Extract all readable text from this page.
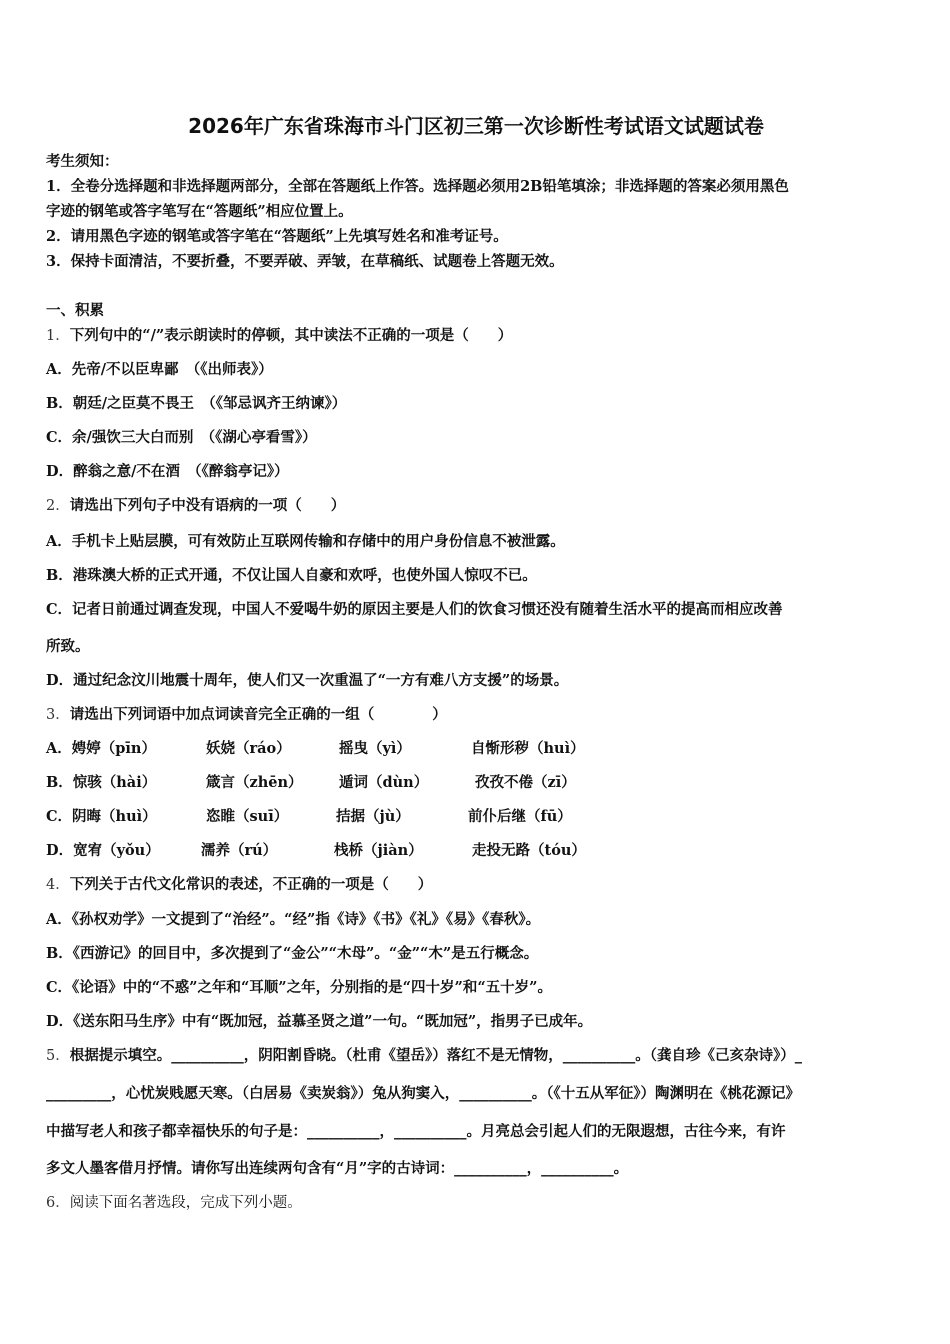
2026年广东省珠海市斗门区初三第一次诊断性考试语文试题试卷
考生须知：
1．全卷分选择题和非选择题两部分，全部在答题纸上作答。选择题必须用2B铅笔填涂；非选择题的答案必须用黑色
字迹的钢笔或答字笔写在“答题纸”相应位置上。
2．请用黑色字迹的钢笔或答字笔在“答题纸”上先填写姓名和准考证号。
3．保持卡面清洁，不要折叠，不要弄破、弄皱，在草稿纸、试题卷上答题无效。
一、积累
1．下列句中的“/”表示朗读时的停顿，其中读法不正确的一项是（　　）
A．先帝/不以臣卑鄙　（《出师表》）
B．朝廷/之臣莫不畏王　（《邹忌讽齐王纳谏》）
C．余/强饮三大白而别　（《湖心亭看雪》）
D．醉翁之意/不在酒　（《醉翁亭记》）
2．请选出下列句子中没有语病的一项（　　）
A．手机卡上贴层膜，可有效防止互联网传输和存储中的用户身份信息不被泄露。
B．港珠澳大桥的正式开通，不仅让国人自豪和欢呼，也使外国人惊叹不已。
C．记者日前通过调查发现，中国人不爱喝牛奶的原因主要是人们的饮食习惯还没有随着生活水平的提高而相应改善
所致。
D．通过纪念汶川地震十周年，使人们又一次重温了“一方有难八方支援”的场景。
3．请选出下列词语中加点词读音完全正确的一组（　　　　）
A．娉婷（pīn）	妖娆（ráo）	摇曳（yì）	自惭形秽（huì）
B．惊骇（hài）	箴言（zhēn）	遁词（dùn）	孜孜不倦（zī）
C．阴晦（huì）	恣睢（suī）	拮据（jù）	前仆后继（fū）
D．宽宥（yǒu）	濡养（rú）	栈桥（jiàn）	走投无路（tóu）
4．下列关于古代文化常识的表述，不正确的一项是（　　）
A．《孙权劝学》一文提到了“治经”。“经”指《诗》《书》《礼》《易》《春秋》。
B．《西游记》的回目中，多次提到了“金公”“木母”。“金”“木”是五行概念。
C．《论语》中的“不惑”之年和“耳顺”之年，分别指的是“四十岁”和“五十岁”。
D．《送东阳马生序》中有“既加冠，益慕圣贤之道”一句。“既加冠”，指男子已成年。
5．根据提示填空。__________，阴阳割昏晓。（杜甫《望岳》）落红不是无情物，__________。（龚自珍《己亥杂诗》）_
_________，心忧炭贱愿天寒。（白居易《卖炭翁》）兔从狗窦入，__________。（《十五从军征》）陶渊明在《桃花源记》
中描写老人和孩子都幸福快乐的句子是：__________，__________。月亮总会引起人们的无限遐想，古往今来，有许
多文人墨客借月抒情。请你写出连续两句含有“月”字的古诗词：__________，__________。
6．阅读下面名著选段，完成下列小题。
